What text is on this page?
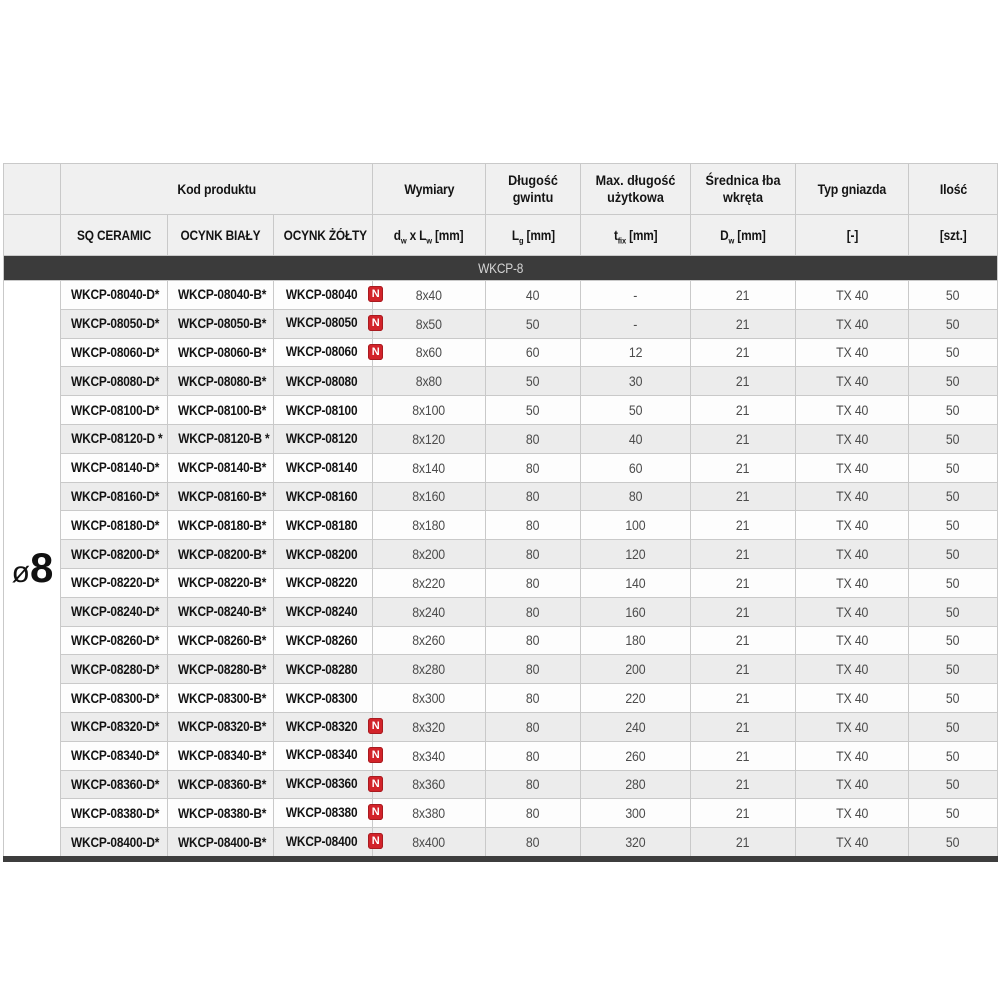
	Kod produktu			Wymiary	Długość gwintu	Max. długość użytkowa	Średnica łba wkręta	Typ gniazda	Ilość
	SQ CERAMIC	OCYNK BIAŁY	OCYNK ŻÓŁTY	$d_w$ x $L_w$ [mm]	$L_g$ [mm]	$t_{fix}$ [mm]	$D_w$ [mm]	[-]	[szt.]
WKCP-8									
ø8	WKCP-08040-D*	WKCP-08040-B*	WKCP-08040 N	8x40	40	-	21	TX 40	50
	WKCP-08050-D*	WKCP-08050-B*	WKCP-08050 N	8x50	50	-	21	TX 40	50
	WKCP-08060-D*	WKCP-08060-B*	WKCP-08060 N	8x60	60	12	21	TX 40	50
	WKCP-08080-D*	WKCP-08080-B*	WKCP-08080	8x80	50	30	21	TX 40	50
	WKCP-08100-D*	WKCP-08100-B*	WKCP-08100	8x100	50	50	21	TX 40	50
	WKCP-08120-D *	WKCP-08120-B *	WKCP-08120	8x120	80	40	21	TX 40	50
	WKCP-08140-D*	WKCP-08140-B*	WKCP-08140	8x140	80	60	21	TX 40	50
	WKCP-08160-D*	WKCP-08160-B*	WKCP-08160	8x160	80	80	21	TX 40	50
	WKCP-08180-D*	WKCP-08180-B*	WKCP-08180	8x180	80	100	21	TX 40	50
	WKCP-08200-D*	WKCP-08200-B*	WKCP-08200	8x200	80	120	21	TX 40	50
	WKCP-08220-D*	WKCP-08220-B*	WKCP-08220	8x220	80	140	21	TX 40	50
	WKCP-08240-D*	WKCP-08240-B*	WKCP-08240	8x240	80	160	21	TX 40	50
	WKCP-08260-D*	WKCP-08260-B*	WKCP-08260	8x260	80	180	21	TX 40	50
	WKCP-08280-D*	WKCP-08280-B*	WKCP-08280	8x280	80	200	21	TX 40	50
	WKCP-08300-D*	WKCP-08300-B*	WKCP-08300	8x300	80	220	21	TX 40	50
	WKCP-08320-D*	WKCP-08320-B*	WKCP-08320 N	8x320	80	240	21	TX 40	50
	WKCP-08340-D*	WKCP-08340-B*	WKCP-08340 N	8x340	80	260	21	TX 40	50
	WKCP-08360-D*	WKCP-08360-B*	WKCP-08360 N	8x360	80	280	21	TX 40	50
	WKCP-08380-D*	WKCP-08380-B*	WKCP-08380 N	8x380	80	300	21	TX 40	50
	WKCP-08400-D*	WKCP-08400-B*	WKCP-08400 N	8x400	80	320	21	TX 40	50
